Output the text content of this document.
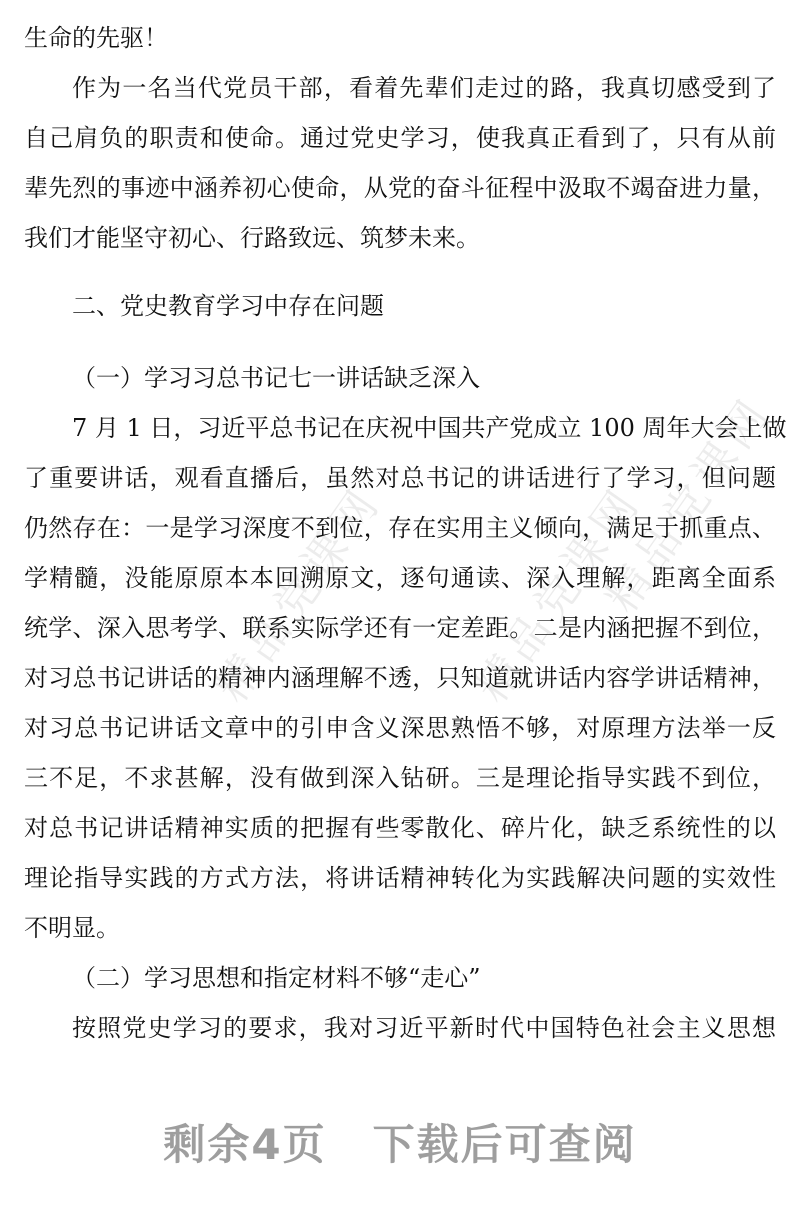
精品党课网 精品党课网
精品党课网
生命的先驱！
作为一名当代党员干部，看着先辈们走过的路，我真切感受到了
自己肩负的职责和使命。通过党史学习，使我真正看到了，只有从前
辈先烈的事迹中涵养初心使命，从党的奋斗征程中汲取不竭奋进力量，
我们才能坚守初心、行路致远、筑梦未来。
二、党史教育学习中存在问题
（一）学习习总书记七一讲话缺乏深入
7 月 1 日，习近平总书记在庆祝中国共产党成立 100 周年大会上做
了重要讲话，观看直播后，虽然对总书记的讲话进行了学习，但问题
仍然存在：一是学习深度不到位，存在实用主义倾向，满足于抓重点、
学精髓，没能原原本本回溯原文，逐句通读、深入理解，距离全面系
统学、深入思考学、联系实际学还有一定差距。二是内涵把握不到位，
对习总书记讲话的精神内涵理解不透，只知道就讲话内容学讲话精神，
对习总书记讲话文章中的引申含义深思熟悟不够，对原理方法举一反
三不足，不求甚解，没有做到深入钻研。三是理论指导实践不到位，
对总书记讲话精神实质的把握有些零散化、碎片化，缺乏系统性的以
理论指导实践的方式方法，将讲话精神转化为实践解决问题的实效性
不明显。
（二）学习思想和指定材料不够“走心”
按照党史学习的要求，我对习近平新时代中国特色社会主义思想
剩余4页 下载后可查阅
